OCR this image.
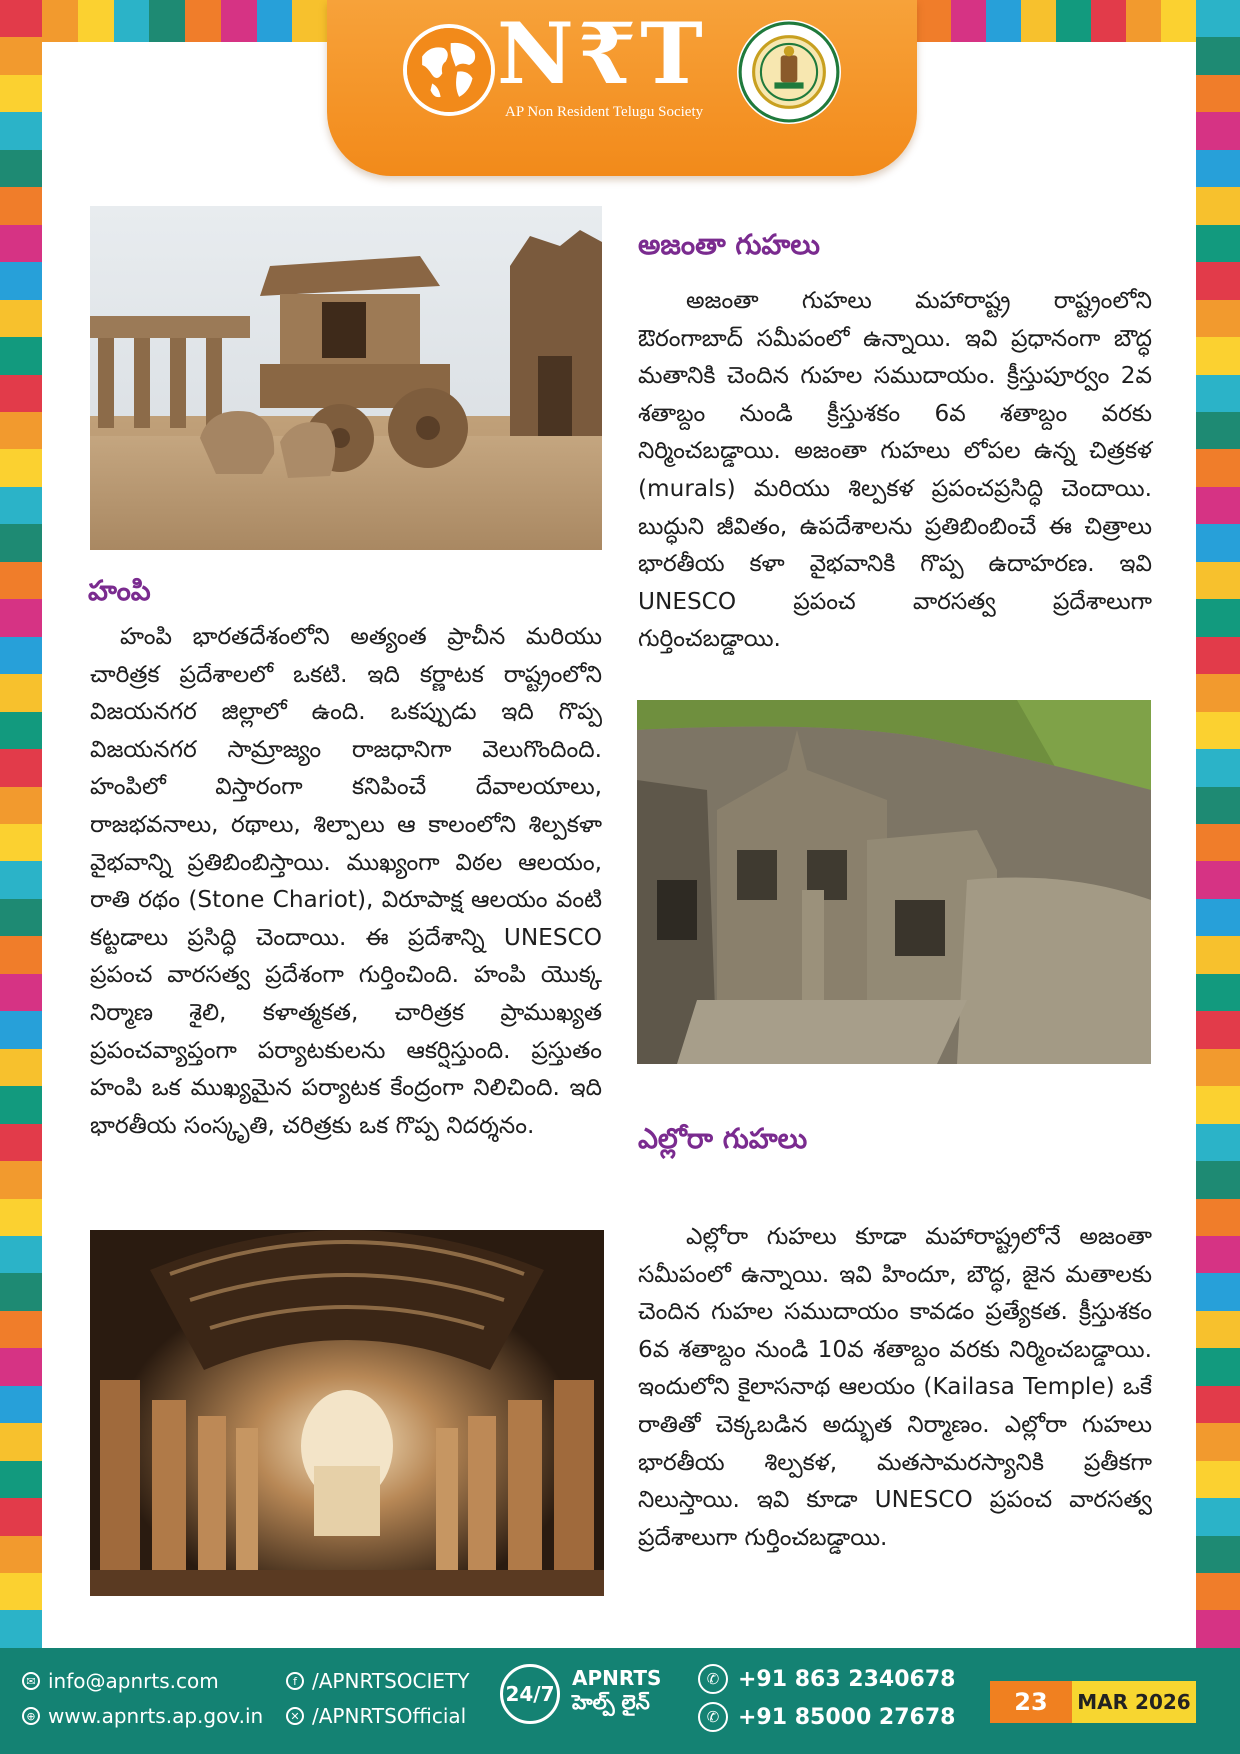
N₹T
AP Non Resident Telugu Society
అజంతా గుహలు

అజంతా గుహలు మహారాష్ట్ర రాష్ట్రంలోని ఔరంగాబాద్ సమీపంలో ఉన్నాయి. ఇవి ప్రధానంగా బౌద్ధ మతానికి చెందిన గుహల సముదాయం. క్రీస్తుపూర్వం 2వ శతాబ్దం నుండి క్రీస్తుశకం 6వ శతాబ్దం వరకు నిర్మించబడ్డాయి. అజంతా గుహలు లోపల ఉన్న చిత్రకళ (murals) మరియు శిల్పకళ ప్రపంచప్రసిద్ధి చెందాయి. బుద్ధుని జీవితం, ఉపదేశాలను ప్రతిబింబించే ఈ చిత్రాలు భారతీయ కళా వైభవానికి గొప్ప ఉదాహరణ. ఇవి UNESCO ప్రపంచ వారసత్వ ప్రదేశాలుగా గుర్తించబడ్డాయి.

హంపి

హంపి భారతదేశంలోని అత్యంత ప్రాచీన మరియు చారిత్రక ప్రదేశాలలో ఒకటి. ఇది కర్ణాటక రాష్ట్రంలోని విజయనగర జిల్లాలో ఉంది. ఒకప్పుడు ఇది గొప్ప విజయనగర సామ్రాజ్యం రాజధానిగా వెలుగొందింది. హంపిలో విస్తారంగా కనిపించే దేవాలయాలు, రాజభవనాలు, రథాలు, శిల్పాలు ఆ కాలంలోని శిల్పకళా వైభవాన్ని ప్రతిబింబిస్తాయి. ముఖ్యంగా విఠల ఆలయం, రాతి రథం (Stone Chariot), విరూపాక్ష ఆలయం వంటి కట్టడాలు ప్రసిద్ధి చెందాయి. ఈ ప్రదేశాన్ని UNESCO ప్రపంచ వారసత్వ ప్రదేశంగా గుర్తించింది. హంపి యొక్క నిర్మాణ శైలి, కళాత్మకత, చారిత్రక ప్రాముఖ్యత ప్రపంచవ్యాప్తంగా పర్యాటకులను ఆకర్షిస్తుంది. ప్రస్తుతం హంపి ఒక ముఖ్యమైన పర్యాటక కేంద్రంగా నిలిచింది. ఇది భారతీయ సంస్కృతి, చరిత్రకు ఒక గొప్ప నిదర్శనం.	ఎల్లోరా గుహలు

ఎల్లోరా గుహలు కూడా మహారాష్ట్రలోనే అజంతా సమీపంలో ఉన్నాయి. ఇవి హిందూ, బౌద్ధ, జైన మతాలకు చెందిన గుహల సముదాయం కావడం ప్రత్యేకత. క్రీస్తుశకం 6వ శతాబ్దం నుండి 10వ శతాబ్దం వరకు నిర్మించబడ్డాయి. ఇందులోని కైలాసనాథ ఆలయం (Kailasa Temple) ఒకే రాతితో చెక్కబడిన అద్భుత నిర్మాణం. ఎల్లోరా గుహలు భారతీయ శిల్పకళ, మతసామరస్యానికి ప్రతీకగా నిలుస్తాయి. ఇవి కూడా UNESCO ప్రపంచ వారసత్వ ప్రదేశాలుగా గుర్తించబడ్డాయి.

✉ info@apnrts.com
⊕ www.apnrts.ap.gov.in
f /APNRTSOCIETY
✕ /APNRTSOfficial
24/7
APNRTS
హెల్ప్ లైన్
✆ +91 863 2340678
✆ +91 85000 27678
23	MAR 2026
